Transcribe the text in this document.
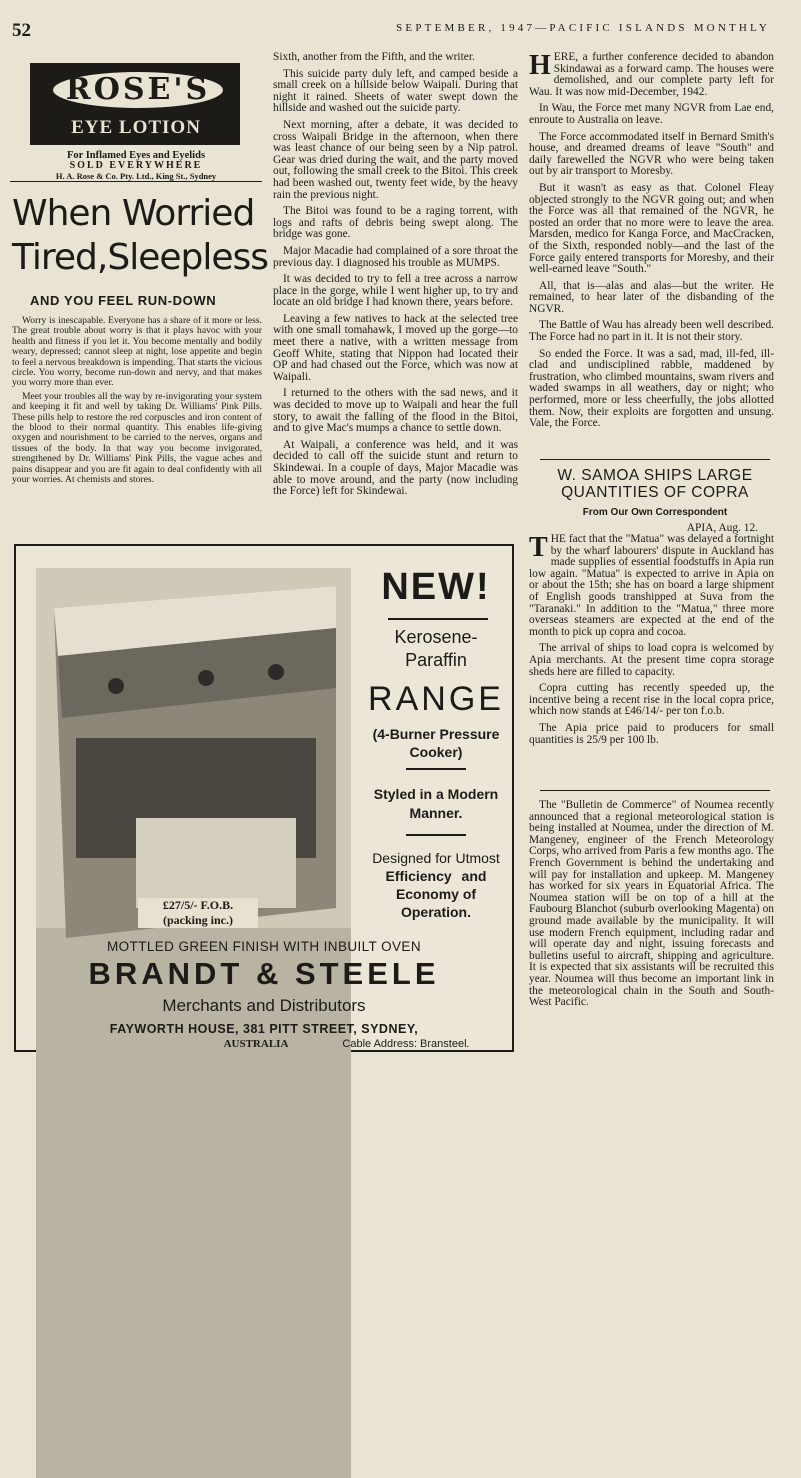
52	SEPTEMBER, 1947—PACIFIC ISLANDS MONTHLY
ROSE'S
EYE LOTION
For Inflamed Eyes and Eyelids
SOLD EVERYWHERE
H. A. Rose & Co. Pty. Ltd., King St., Sydney
When Worried
Tired,Sleepless
AND YOU FEEL RUN-DOWN

Worry is inescapable. Everyone has a share of it more or less. The great trouble about worry is that it plays havoc with your health and fitness if you let it. You become mentally and bodily weary, depressed; cannot sleep at night, lose appetite and begin to feel a nervous breakdown is impending. That starts the vicious circle. You worry, become run-down and nervy, and that makes you worry more than ever.

Meet your troubles all the way by re-invigorating your system and keeping it fit and well by taking Dr. Williams' Pink Pills. These pills help to restore the red corpuscles and iron content of the blood to their normal quantity. This enables life-giving oxygen and nourishment to be carried to the nerves, organs and tissues of the body. In that way you become invigorated, strengthened by Dr. Williams' Pink Pills, the vague aches and pains disappear and you are fit again to deal confidently with all your worries. At chemists and stores.

Sixth, another from the Fifth, and the writer.

This suicide party duly left, and camped beside a small creek on a hillside below Waipali. During that night it rained. Sheets of water swept down the hillside and washed out the suicide party.

Next morning, after a debate, it was decided to cross Waipali Bridge in the afternoon, when there was least chance of our being seen by a Nip patrol. Gear was dried during the wait, and the party moved out, following the small creek to the Bitoi. This creek had been washed out, twenty feet wide, by the heavy rain the previous night.

The Bitoi was found to be a raging torrent, with logs and rafts of debris being swept along. The bridge was gone.

Major Macadie had complained of a sore throat the previous day. I diagnosed his trouble as MUMPS.

It was decided to try to fell a tree across a narrow place in the gorge, while I went higher up, to try and locate an old bridge I had known there, years before.

Leaving a few natives to hack at the selected tree with one small tomahawk, I moved up the gorge—to meet there a native, with a written message from Geoff White, stating that Nippon had located their OP and had chased out the Force, which was now at Waipali.

I returned to the others with the sad news, and it was decided to move up to Waipali and hear the full story, to await the falling of the flood in the Bitoi, and to give Mac's mumps a chance to settle down.

At Waipali, a conference was held, and it was decided to call off the suicide stunt and return to Skindewai. In a couple of days, Major Macadie was able to move around, and the party (now including the Force) left for Skindewai.

HERE, a further conference decided to abandon Skindawai as a forward camp. The houses were demolished, and our complete party left for Wau. It was now mid-December, 1942.

In Wau, the Force met many NGVR from Lae end, enroute to Australia on leave.

The Force accommodated itself in Bernard Smith's house, and dreamed dreams of leave "South" and daily farewelled the NGVR who were being taken out by air transport to Moresby.

But it wasn't as easy as that. Colonel Fleay objected strongly to the NGVR going out; and when the Force was all that remained of the NGVR, he posted an order that no more were to leave the area. Marsden, medico for Kanga Force, and MacCracken, of the Sixth, responded nobly—and the last of the Force gaily entered transports for Moresby, and their well-earned leave "South."

All, that is—alas and alas—but the writer. He remained, to hear later of the disbanding of the NGVR.

The Battle of Wau has already been well described. The Force had no part in it. It is not their story.

So ended the Force. It was a sad, mad, ill-fed, ill-clad and undisciplined rabble, maddened by frustration, who climbed mountains, swam rivers and waded swamps in all weathers, day or night; who performed, more or less cheerfully, the jobs allotted them. Now, their exploits are forgotten and unsung. Vale, the Force.

W. SAMOA SHIPS LARGE
QUANTITIES OF COPRA
From Our Own Correspondent
APIA, Aug. 12.

THE fact that the "Matua" was delayed a fortnight by the wharf labourers' dispute in Auckland has made supplies of essential foodstuffs in Apia run low again. "Matua" is expected to arrive in Apia on or about the 15th; she has on board a large shipment of English goods transhipped at Suva from the "Taranaki." In addition to the "Matua," three more overseas steamers are expected at the end of the month to pick up copra and cocoa.

The arrival of ships to load copra is welcomed by Apia merchants. At the present time copra storage sheds here are filled to capacity.

Copra cutting has recently speeded up, the incentive being a recent rise in the local copra price, which now stands at £46/14/- per ton f.o.b.

The Apia price paid to producers for small quantities is 25/9 per 100 lb.

The "Bulletin de Commerce" of Noumea recently announced that a regional meteorological station is being installed at Noumea, under the direction of M. Mangeney, engineer of the French Meteorology Corps, who arrived from Paris a few months ago. The French Government is behind the undertaking and will pay for installation and upkeep. M. Mangeney has worked for six years in Equatorial Africa. The Noumea station will be on top of a hill at the Faubourg Blanchot (suburb overlooking Magenta) on ground made available by the municipality. It will use modern French equipment, including radar and will operate day and night, issuing forecasts and bulletins useful to aircraft, shipping and agriculture. It is expected that six assistants will be recruited this year. Noumea will thus become an important link in the meteorological chain in the South and South-West Pacific.

NEW!
Kerosene-
Paraffin
RANGE
(4-Burner Pressure
Cooker)
Styled in a Modern
Manner.
Designed for Utmost
Efficiency and
Economy of
Operation.
£27/5/- F.O.B.
(packing inc.)
MOTTLED GREEN FINISH WITH INBUILT OVEN
BRANDT & STEELE
Merchants and Distributors
FAYWORTH HOUSE, 381 PITT STREET, SYDNEY,
AUSTRALIA	Cable Address: Bransteel.
